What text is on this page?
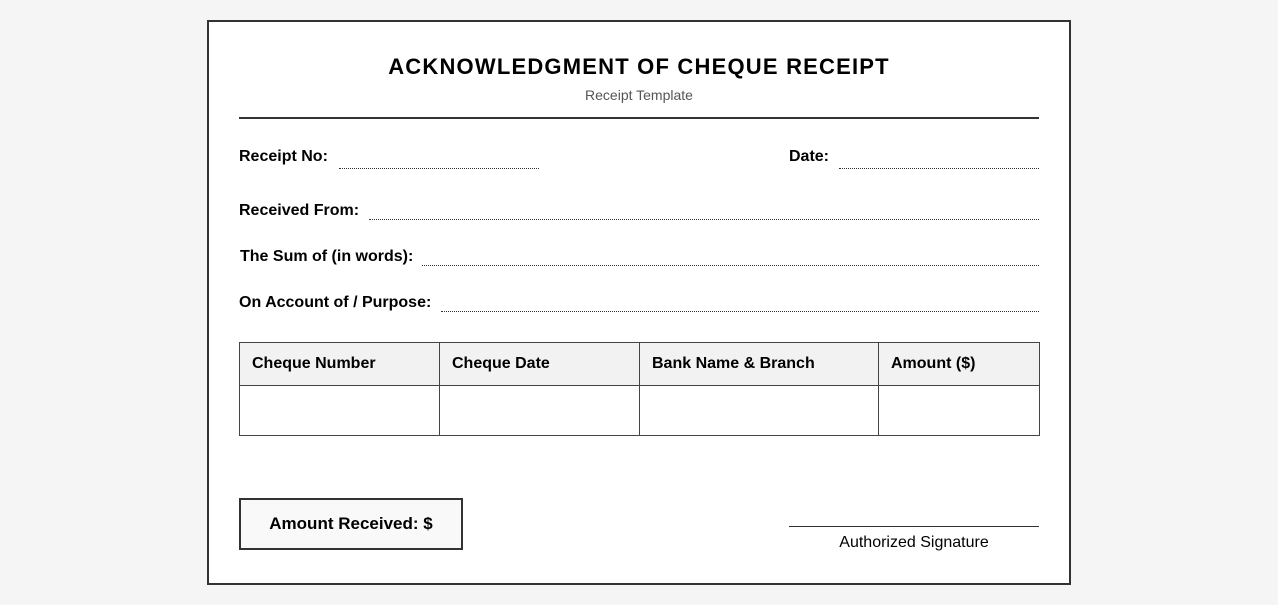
ACKNOWLEDGMENT OF CHEQUE RECEIPT
Receipt Template
Receipt No:	Date:
Received From:
The Sum of (in words):
On Account of / Purpose:
Cheque Number	Cheque Date	Bank Name & Branch	Amount ($)

Amount Received: $
Authorized Signature
